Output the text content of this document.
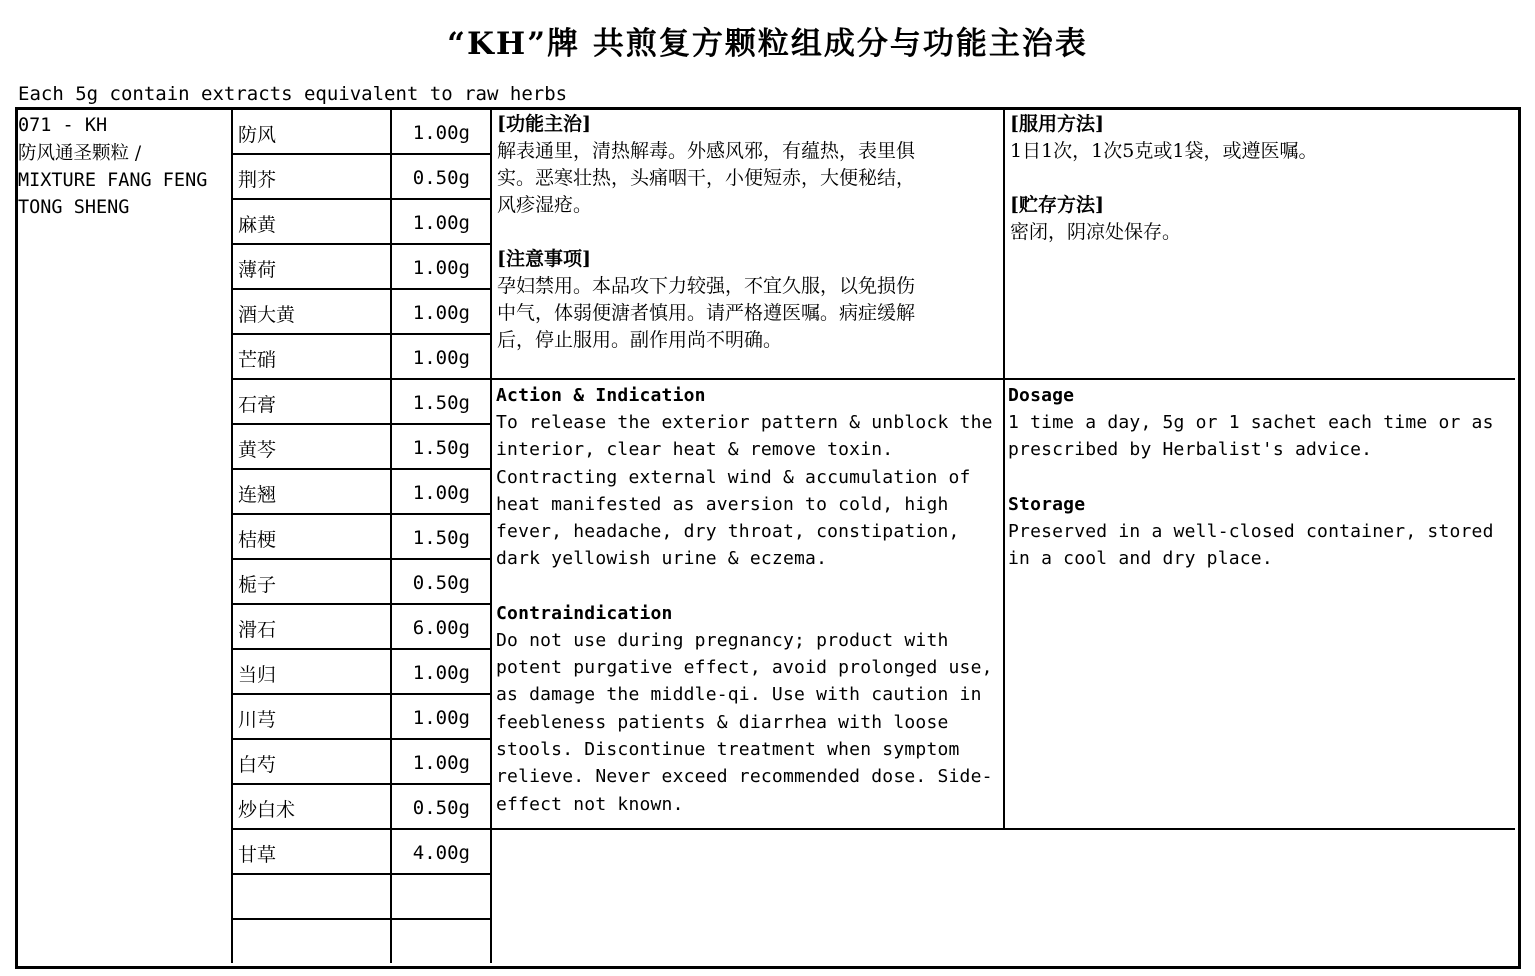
“KH”牌 共煎复方颗粒组成分与功能主治表
Each 5g contain extracts equivalent to raw herbs
071 - KH
防风通圣颗粒 /
MIXTURE FANG FENG
TONG SHENG
防风	1.00g
荆芥	0.50g
麻黄	1.00g
薄荷	1.00g
酒大黄	1.00g
芒硝	1.00g
石膏	1.50g
黄芩	1.50g
连翘	1.00g
桔梗	1.50g
栀子	0.50g
滑石	6.00g
当归	1.00g
川芎	1.00g
白芍	1.00g
炒白术	0.50g
甘草	4.00g
[功能主治]
解表通里，清热解毒。外感风邪，有蕴热，表里俱
实。恶寒壮热，头痛咽干，小便短赤，大便秘结，
风疹湿疮。
[注意事项]
孕妇禁用。本品攻下力较强，不宜久服，以免损伤
中气，体弱便溏者慎用。请严格遵医嘱。病症缓解
后，停止服用。副作用尚不明确。
[服用方法]
1日1次，1次5克或1袋，或遵医嘱。
[贮存方法]
密闭，阴凉处保存。
Action & Indication
To release the exterior pattern & unblock the
interior, clear heat & remove toxin.
Contracting external wind & accumulation of
heat manifested as aversion to cold, high
fever, headache, dry throat, constipation,
dark yellowish urine & eczema.
Contraindication
Do not use during pregnancy; product with
potent purgative effect, avoid prolonged use,
as damage the middle-qi. Use with caution in
feebleness patients & diarrhea with loose
stools. Discontinue treatment when symptom
relieve. Never exceed recommended dose. Side-
effect not known.
Dosage
1 time a day, 5g or 1 sachet each time or as
prescribed by Herbalist's advice.
Storage
Preserved in a well-closed container, stored
in a cool and dry place.
